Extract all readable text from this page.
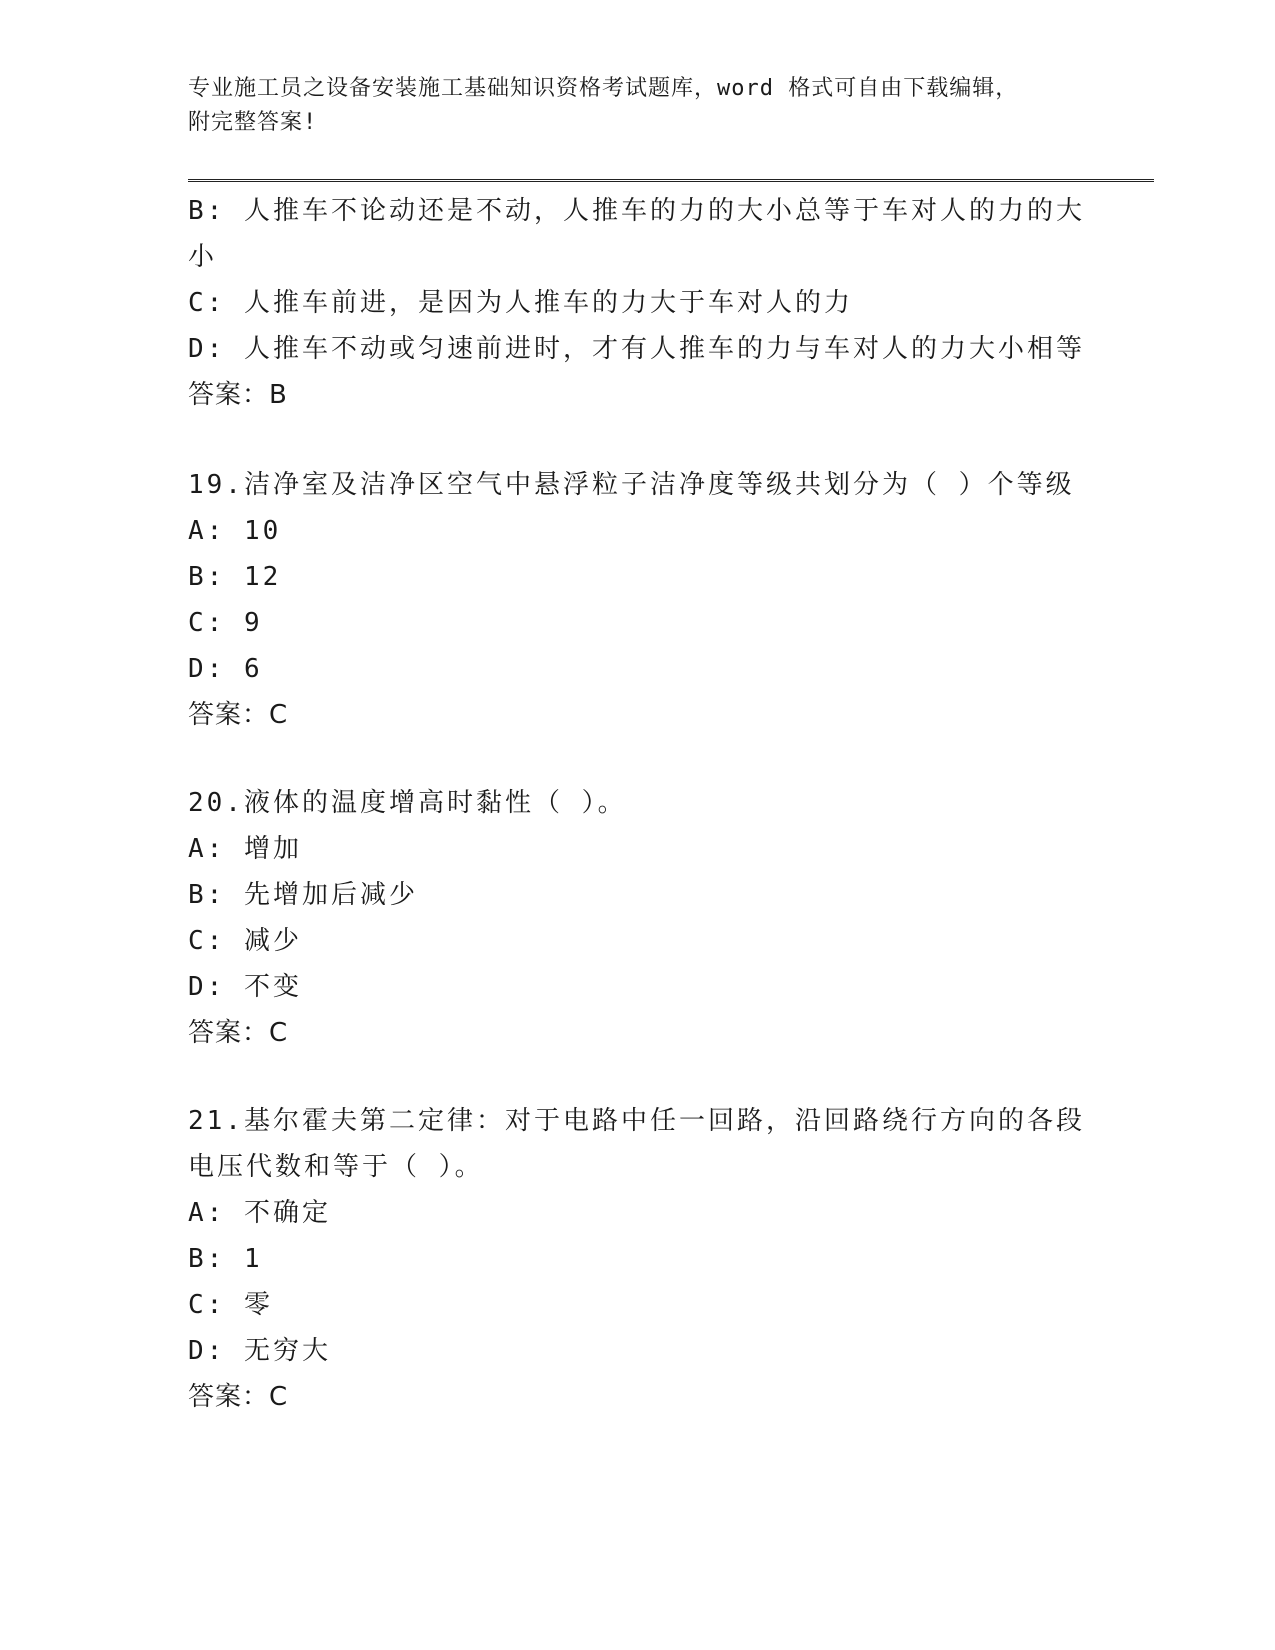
专业施工员之设备安装施工基础知识资格考试题库，word 格式可自由下载编辑，
附完整答案!
B: 人推车不论动还是不动，人推车的力的大小总等于车对人的力的大
小
C: 人推车前进，是因为人推车的力大于车对人的力
D: 人推车不动或匀速前进时，才有人推车的力与车对人的力大小相等
答案：B
19.洁净室及洁净区空气中悬浮粒子洁净度等级共划分为（ ）个等级
A: 10
B: 12
C: 9
D: 6
答案：C
20.液体的温度增高时黏性（ ）。
A: 增加
B: 先增加后减少
C: 减少
D: 不变
答案：C
21.基尔霍夫第二定律：对于电路中任一回路，沿回路绕行方向的各段
电压代数和等于（ ）。
A: 不确定
B: 1
C: 零
D: 无穷大
答案：C
